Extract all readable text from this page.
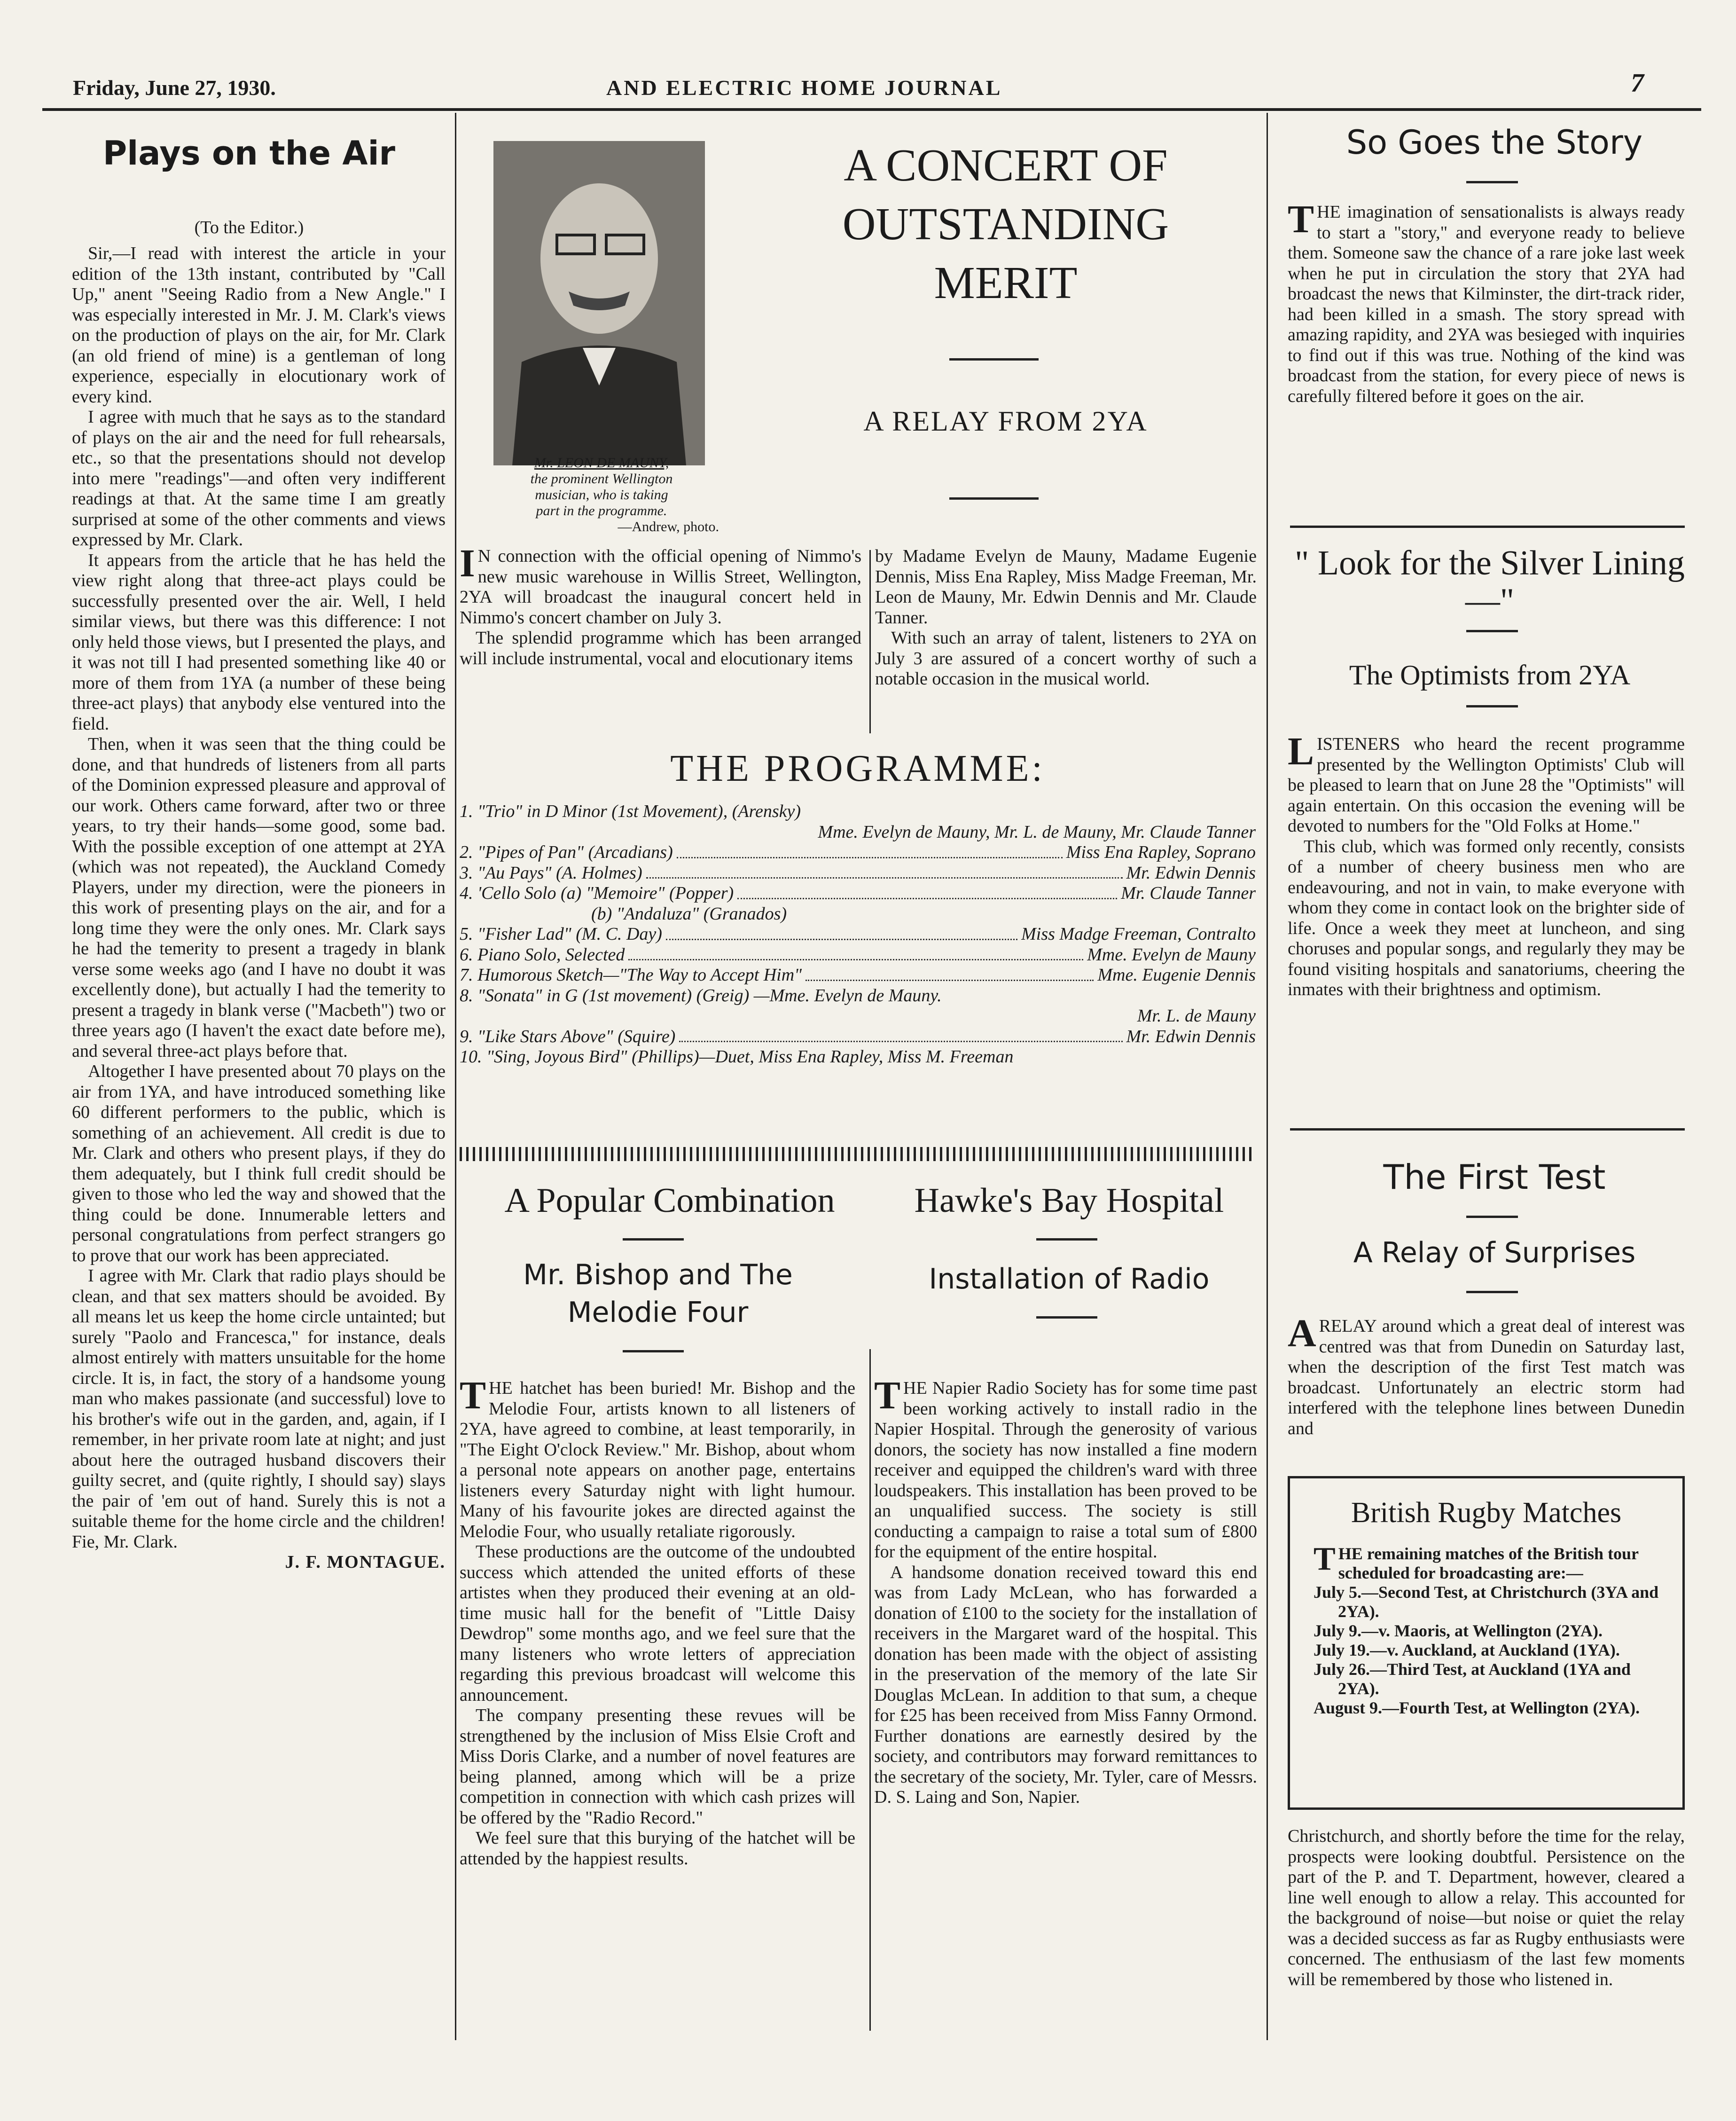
Friday, June 27, 1930.	AND ELECTRIC HOME JOURNAL	7
Plays on the Air
(To the Editor.)

Sir,—I read with interest the article in your edition of the 13th instant, contributed by "Call Up," anent "Seeing Radio from a New Angle." I was especially interested in Mr. J. M. Clark's views on the production of plays on the air, for Mr. Clark (an old friend of mine) is a gentleman of long experience, especially in elocutionary work of every kind.

I agree with much that he says as to the standard of plays on the air and the need for full rehearsals, etc., so that the presentations should not develop into mere "readings"—and often very indifferent readings at that. At the same time I am greatly surprised at some of the other comments and views expressed by Mr. Clark.

It appears from the article that he has held the view right along that three-act plays could be successfully presented over the air. Well, I held similar views, but there was this difference: I not only held those views, but I presented the plays, and it was not till I had presented something like 40 or more of them from 1YA (a number of these being three-act plays) that anybody else ventured into the field.

Then, when it was seen that the thing could be done, and that hundreds of listeners from all parts of the Dominion expressed pleasure and approval of our work. Others came forward, after two or three years, to try their hands—some good, some bad. With the possible exception of one attempt at 2YA (which was not repeated), the Auckland Comedy Players, under my direction, were the pioneers in this work of presenting plays on the air, and for a long time they were the only ones. Mr. Clark says he had the temerity to present a tragedy in blank verse some weeks ago (and I have no doubt it was excellently done), but actually I had the temerity to present a tragedy in blank verse ("Macbeth") two or three years ago (I haven't the exact date before me), and several three-act plays before that.

Altogether I have presented about 70 plays on the air from 1YA, and have introduced something like 60 different performers to the public, which is something of an achievement. All credit is due to Mr. Clark and others who present plays, if they do them adequately, but I think full credit should be given to those who led the way and showed that the thing could be done. Innumerable letters and personal congratulations from perfect strangers go to prove that our work has been appreciated.

I agree with Mr. Clark that radio plays should be clean, and that sex matters should be avoided. By all means let us keep the home circle untainted; but surely "Paolo and Francesca," for instance, deals almost entirely with matters unsuitable for the home circle. It is, in fact, the story of a handsome young man who makes passionate (and successful) love to his brother's wife out in the garden, and, again, if I remember, in her private room late at night; and just about here the outraged husband discovers their guilty secret, and (quite rightly, I should say) slays the pair of 'em out of hand. Surely this is not a suitable theme for the home circle and the children! Fie, Mr. Clark.

J. F. MONTAGUE.

Mr. LEON DE MAUNY,
the prominent Wellington
musician, who is taking
part in the programme.
—Andrew, photo.
A CONCERT OF OUTSTANDING MERIT
A RELAY FROM 2YA

I N connection with the official opening of Nimmo's new music warehouse in Willis Street, Wellington, 2YA will broadcast the inaugural concert held in Nimmo's concert chamber on July 3.

The splendid programme which has been arranged will include instrumental, vocal and elocutionary items

by Madame Evelyn de Mauny, Madame Eugenie Dennis, Miss Ena Rapley, Miss Madge Freeman, Mr. Leon de Mauny, Mr. Edwin Dennis and Mr. Claude Tanner.

With such an array of talent, listeners to 2YA on July 3 are assured of a concert worthy of such a notable occasion in the musical world.

THE PROGRAMME:
1. "Trio" in D Minor (1st Movement), (Arensky)
Mme. Evelyn de Mauny, Mr. L. de Mauny, Mr. Claude Tanner
2. "Pipes of Pan" (Arcadians)	Miss Ena Rapley, Soprano
3. "Au Pays" (A. Holmes)	Mr. Edwin Dennis
4. 'Cello Solo (a) "Memoire" (Popper)	Mr. Claude Tanner
(b) "Andaluza" (Granados)
5. "Fisher Lad" (M. C. Day)	Miss Madge Freeman, Contralto
6. Piano Solo, Selected	Mme. Evelyn de Mauny
7. Humorous Sketch—"The Way to Accept Him"	Mme. Eugenie Dennis
8. "Sonata" in G (1st movement) (Greig) —Mme. Evelyn de Mauny.
Mr. L. de Mauny
9. "Like Stars Above" (Squire)	Mr. Edwin Dennis
10. "Sing, Joyous Bird" (Phillips)—Duet, Miss Ena Rapley, Miss M. Freeman
A Popular Combination	Hawke's Bay Hospital
Mr. Bishop and The Melodie Four
Installation of Radio

THE hatchet has been buried! Mr. Bishop and the Melodie Four, artists known to all listeners of 2YA, have agreed to combine, at least temporarily, in "The Eight O'clock Review." Mr. Bishop, about whom a personal note appears on another page, entertains listeners every Saturday night with light humour. Many of his favourite jokes are directed against the Melodie Four, who usually retaliate rigorously.

These productions are the outcome of the undoubted success which attended the united efforts of these artistes when they produced their evening at an old-time music hall for the benefit of "Little Daisy Dewdrop" some months ago, and we feel sure that the many listeners who wrote letters of appreciation regarding this previous broadcast will welcome this announcement.

The company presenting these revues will be strengthened by the inclusion of Miss Elsie Croft and Miss Doris Clarke, and a number of novel features are being planned, among which will be a prize competition in connection with which cash prizes will be offered by the "Radio Record."

We feel sure that this burying of the hatchet will be attended by the happiest results.

THE Napier Radio Society has for some time past been working actively to install radio in the Napier Hospital. Through the generosity of various donors, the society has now installed a fine modern receiver and equipped the children's ward with three loudspeakers. This installation has been proved to be an unqualified success. The society is still conducting a campaign to raise a total sum of £800 for the equipment of the entire hospital.

A handsome donation received toward this end was from Lady McLean, who has forwarded a donation of £100 to the society for the installation of receivers in the Margaret ward of the hospital. This donation has been made with the object of assisting in the preservation of the memory of the late Sir Douglas McLean. In addition to that sum, a cheque for £25 has been received from Miss Fanny Ormond. Further donations are earnestly desired by the society, and contributors may forward remittances to the secretary of the society, Mr. Tyler, care of Messrs. D. S. Laing and Son, Napier.

So Goes the Story

THE imagination of sensationalists is always ready to start a "story," and everyone ready to believe them. Someone saw the chance of a rare joke last week when he put in circulation the story that 2YA had broadcast the news that Kilminster, the dirt-track rider, had been killed in a smash. The story spread with amazing rapidity, and 2YA was besieged with inquiries to find out if this was true. Nothing of the kind was broadcast from the station, for every piece of news is carefully filtered before it goes on the air.

" Look for the Silver Lining —"
The Optimists from 2YA

LISTENERS who heard the recent programme presented by the Wellington Optimists' Club will be pleased to learn that on June 28 the "Optimists" will again entertain. On this occasion the evening will be devoted to numbers for the "Old Folks at Home."

This club, which was formed only recently, consists of a number of cheery business men who are endeavouring, and not in vain, to make everyone with whom they come in contact look on the brighter side of life. Once a week they meet at luncheon, and sing choruses and popular songs, and regularly they may be found visiting hospitals and sanatoriums, cheering the inmates with their brightness and optimism.

The First Test
A Relay of Surprises

A RELAY around which a great deal of interest was centred was that from Dunedin on Saturday last, when the description of the first Test match was broadcast. Unfortunately an electric storm had interfered with the telephone lines between Dunedin and

British Rugby Matches
THE remaining matches of the British tour scheduled for broadcasting are:—
July 5.—Second Test, at Christchurch (3YA and 2YA).
July 9.—v. Maoris, at Wellington (2YA).
July 19.—v. Auckland, at Auckland (1YA).
July 26.—Third Test, at Auckland (1YA and 2YA).
August 9.—Fourth Test, at Wellington (2YA).

Christchurch, and shortly before the time for the relay, prospects were looking doubtful. Persistence on the part of the P. and T. Department, however, cleared a line well enough to allow a relay. This accounted for the background of noise—but noise or quiet the relay was a decided success as far as Rugby enthusiasts were concerned. The enthusiasm of the last few moments will be remembered by those who listened in.
